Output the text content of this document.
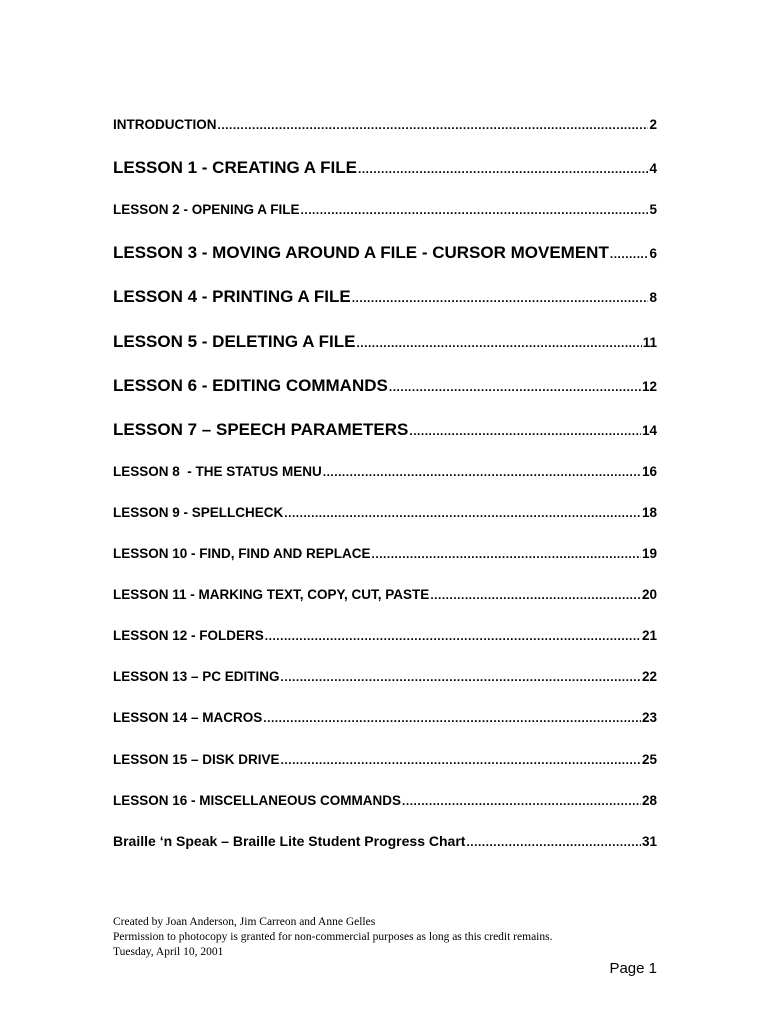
INTRODUCTION .....	2
LESSON 1 - CREATING A FILE .....	4
LESSON 2 - OPENING A FILE .....	5
LESSON 3 - MOVING AROUND A FILE - CURSOR MOVEMENT .....	6
LESSON 4 - PRINTING A FILE .....	8
LESSON 5 - DELETING A FILE .....	11
LESSON 6 - EDITING COMMANDS .....	12
LESSON 7 – SPEECH PARAMETERS .....	14
LESSON 8  - THE STATUS MENU .....	16
LESSON 9 - SPELLCHECK .....	18
LESSON 10 - FIND, FIND AND REPLACE .....	19
LESSON 11 - MARKING TEXT, COPY, CUT, PASTE .....	20
LESSON 12 - FOLDERS .....	21
LESSON 13 – PC EDITING .....	22
LESSON 14 – MACROS .....	23
LESSON 15 – DISK DRIVE .....	25
LESSON 16 - MISCELLANEOUS COMMANDS .....	28
Braille ‘n Speak – Braille Lite Student Progress Chart .....	31
Created by Joan Anderson, Jim Carreon and Anne Gelles
Permission to photocopy is granted for non-commercial purposes as long as this credit remains.
Tuesday, April 10, 2001
Page 1
